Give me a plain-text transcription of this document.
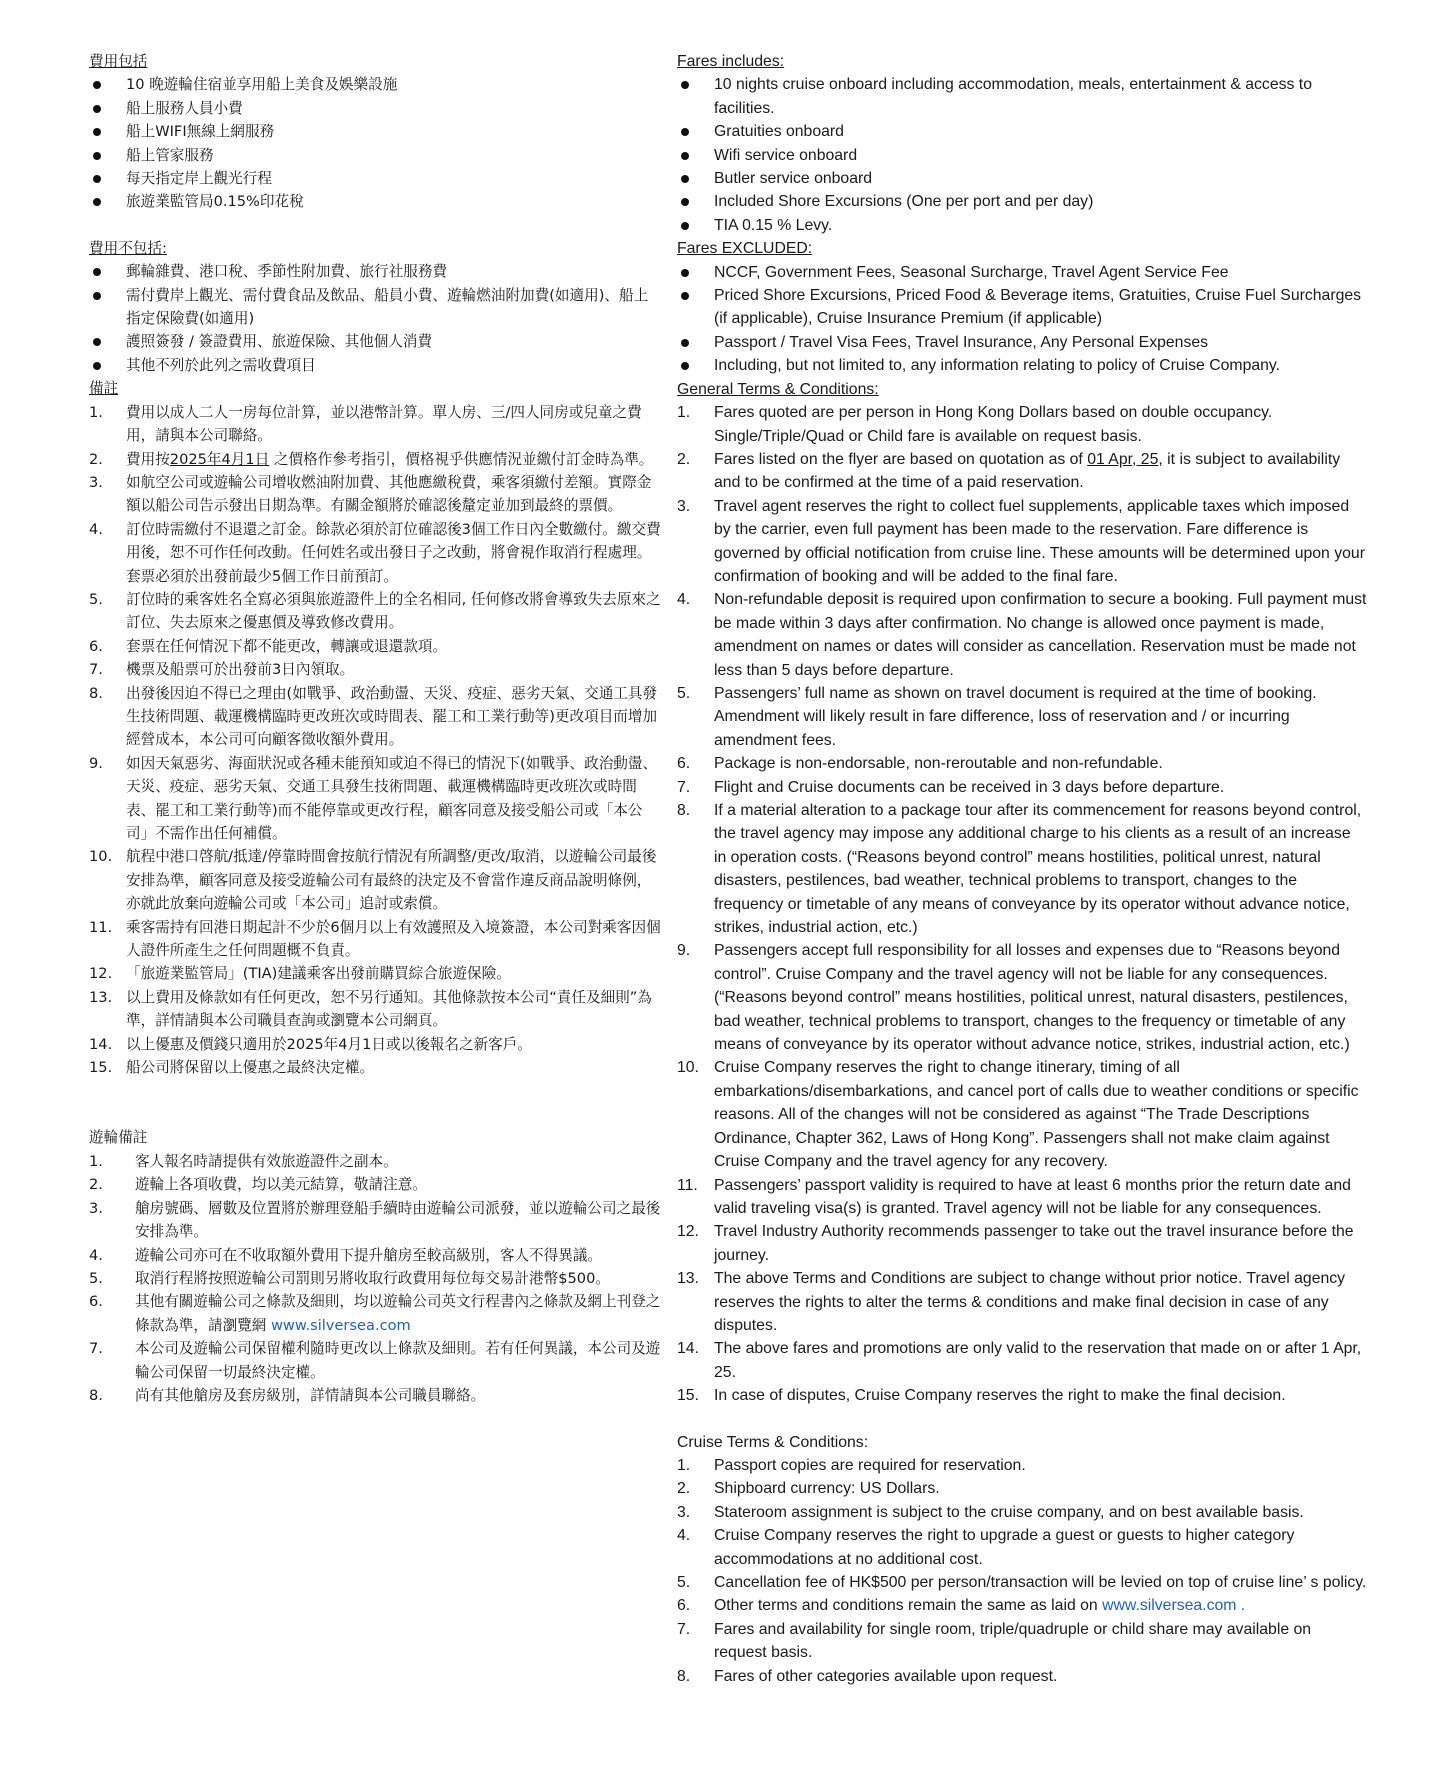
費用包括
10 晚遊輪住宿並享用船上美食及娛樂設施
船上服務人員小費
船上WIFI無線上網服務
船上管家服務
每天指定岸上觀光行程
旅遊業監管局0.15%印花稅
費用不包括:
郵輪雜費、港口稅、季節性附加費、旅行社服務費
需付費岸上觀光、需付費食品及飲品、船員小費、遊輪燃油附加費(如適用)、船上指定保險費(如適用)
護照簽發 / 簽證費用、旅遊保險、其他個人消費
其他不列於此列之需收費項目
備註
1. 費用以成人二人一房每位計算，並以港幣計算。單人房、三/四人同房或兒童之費用，請與本公司聯絡。
2. 費用按2025年4月1日 之價格作參考指引，價格視乎供應情況並繳付訂金時為準。
3. 如航空公司或遊輪公司增收燃油附加費、其他應繳稅費，乘客須繳付差額。實際金額以船公司告示發出日期為準。有關金額將於確認後釐定並加到最終的票價。
4. 訂位時需繳付不退還之訂金。餘款必須於訂位確認後3個工作日內全數繳付。繳交費用後，恕不可作任何改動。任何姓名或出發日子之改動，將會視作取消行程處理。套票必須於出發前最少5個工作日前預訂。
5. 訂位時的乘客姓名全寫必須與旅遊證件上的全名相同, 任何修改將會導致失去原來之訂位、失去原來之優惠價及導致修改費用。
6. 套票在任何情況下都不能更改，轉讓或退還款項。
7. 機票及船票可於出發前3日內領取。
8. 出發後因迫不得已之理由(如戰爭、政治動盪、天災、疫症、惡劣天氣、交通工具發生技術問題、載運機構臨時更改班次或時間表、罷工和工業行動等)更改項目而增加經營成本，本公司可向顧客徵收額外費用。
9. 如因天氣惡劣、海面狀況或各種未能預知或迫不得已的情況下(如戰爭、政治動盪、天災、疫症、惡劣天氣、交通工具發生技術問題、載運機構臨時更改班次或時間表、罷工和工業行動等)而不能停靠或更改行程，顧客同意及接受船公司或「本公司」不需作出任何補償。
10. 航程中港口啓航/抵達/停靠時間會按航行情況有所調整/更改/取消，以遊輪公司最後安排為準，顧客同意及接受遊輪公司有最終的決定及不會當作違反商品說明條例，亦就此放棄向遊輪公司或「本公司」追討或索償。
11. 乘客需持有回港日期起計不少於6個月以上有效護照及入境簽證，本公司對乘客因個人證件所產生之任何問題概不負責。
12. 「旅遊業監管局」(TIA)建議乘客出發前購買綜合旅遊保險。
13. 以上費用及條款如有任何更改，恕不另行通知。其他條款按本公司“責任及細則”為準，詳情請與本公司職員查詢或瀏覽本公司網頁。
14. 以上優惠及價錢只適用於2025年4月1日或以後報名之新客戶。
15. 船公司將保留以上優惠之最終決定權。
遊輪備註
1. 客人報名時請提供有效旅遊證件之副本。
2. 遊輪上各項收費，均以美元結算，敬請注意。
3. 艙房號碼、層數及位置將於辦理登船手續時由遊輪公司派發，並以遊輪公司之最後安排為準。
4. 遊輪公司亦可在不收取額外費用下提升艙房至較高級別，客人不得異議。
5. 取消行程將按照遊輪公司罰則另將收取行政費用每位每交易計港幣$500。
6. 其他有關遊輪公司之條款及細則，均以遊輪公司英文行程書內之條款及網上刊登之條款為準，請瀏覽網 www.silversea.com
7. 本公司及遊輪公司保留權利隨時更改以上條款及細則。若有任何異議，本公司及遊輪公司保留一切最終決定權。
8. 尚有其他艙房及套房級別，詳情請與本公司職員聯絡。
Fares includes:
10 nights cruise onboard including accommodation, meals, entertainment & access to facilities.
Gratuities onboard
Wifi service onboard
Butler service onboard
Included Shore Excursions (One per port and per day)
TIA 0.15 % Levy.
Fares EXCLUDED:
NCCF, Government Fees, Seasonal Surcharge, Travel Agent Service Fee
Priced Shore Excursions, Priced Food & Beverage items, Gratuities, Cruise Fuel Surcharges (if applicable), Cruise Insurance Premium (if applicable)
Passport / Travel Visa Fees, Travel Insurance, Any Personal Expenses
Including, but not limited to, any information relating to policy of Cruise Company.
General Terms & Conditions:
1. Fares quoted are per person in Hong Kong Dollars based on double occupancy. Single/Triple/Quad or Child fare is available on request basis.
2. Fares listed on the flyer are based on quotation as of 01 Apr, 25, it is subject to availability and to be confirmed at the time of a paid reservation.
3. Travel agent reserves the right to collect fuel supplements, applicable taxes which imposed by the carrier, even full payment has been made to the reservation. Fare difference is governed by official notification from cruise line. These amounts will be determined upon your confirmation of booking and will be added to the final fare.
4. Non-refundable deposit is required upon confirmation to secure a booking. Full payment must be made within 3 days after confirmation. No change is allowed once payment is made, amendment on names or dates will consider as cancellation. Reservation must be made not less than 5 days before departure.
5. Passengers’ full name as shown on travel document is required at the time of booking. Amendment will likely result in fare difference, loss of reservation and / or incurring amendment fees.
6. Package is non-endorsable, non-reroutable and non-refundable.
7. Flight and Cruise documents can be received in 3 days before departure.
8. If a material alteration to a package tour after its commencement for reasons beyond control, the travel agency may impose any additional charge to his clients as a result of an increase in operation costs. (“Reasons beyond control” means hostilities, political unrest, natural disasters, pestilences, bad weather, technical problems to transport, changes to the frequency or timetable of any means of conveyance by its operator without advance notice, strikes, industrial action, etc.)
9. Passengers accept full responsibility for all losses and expenses due to “Reasons beyond control”. Cruise Company and the travel agency will not be liable for any consequences. (“Reasons beyond control” means hostilities, political unrest, natural disasters, pestilences, bad weather, technical problems to transport, changes to the frequency or timetable of any means of conveyance by its operator without advance notice, strikes, industrial action, etc.)
10. Cruise Company reserves the right to change itinerary, timing of all embarkations/disembarkations, and cancel port of calls due to weather conditions or specific reasons. All of the changes will not be considered as against “The Trade Descriptions Ordinance, Chapter 362, Laws of Hong Kong”. Passengers shall not make claim against Cruise Company and the travel agency for any recovery.
11. Passengers’ passport validity is required to have at least 6 months prior the return date and valid traveling visa(s) is granted. Travel agency will not be liable for any consequences.
12. Travel Industry Authority recommends passenger to take out the travel insurance before the journey.
13. The above Terms and Conditions are subject to change without prior notice. Travel agency reserves the rights to alter the terms & conditions and make final decision in case of any disputes.
14. The above fares and promotions are only valid to the reservation that made on or after 1 Apr, 25.
15. In case of disputes, Cruise Company reserves the right to make the final decision.
Cruise Terms & Conditions:
1. Passport copies are required for reservation.
2. Shipboard currency: US Dollars.
3. Stateroom assignment is subject to the cruise company, and on best available basis.
4. Cruise Company reserves the right to upgrade a guest or guests to higher category accommodations at no additional cost.
5. Cancellation fee of HK$500 per person/transaction will be levied on top of cruise line’ s policy.
6. Other terms and conditions remain the same as laid on www.silversea.com .
7. Fares and availability for single room, triple/quadruple or child share may available on request basis.
8. Fares of other categories available upon request.
